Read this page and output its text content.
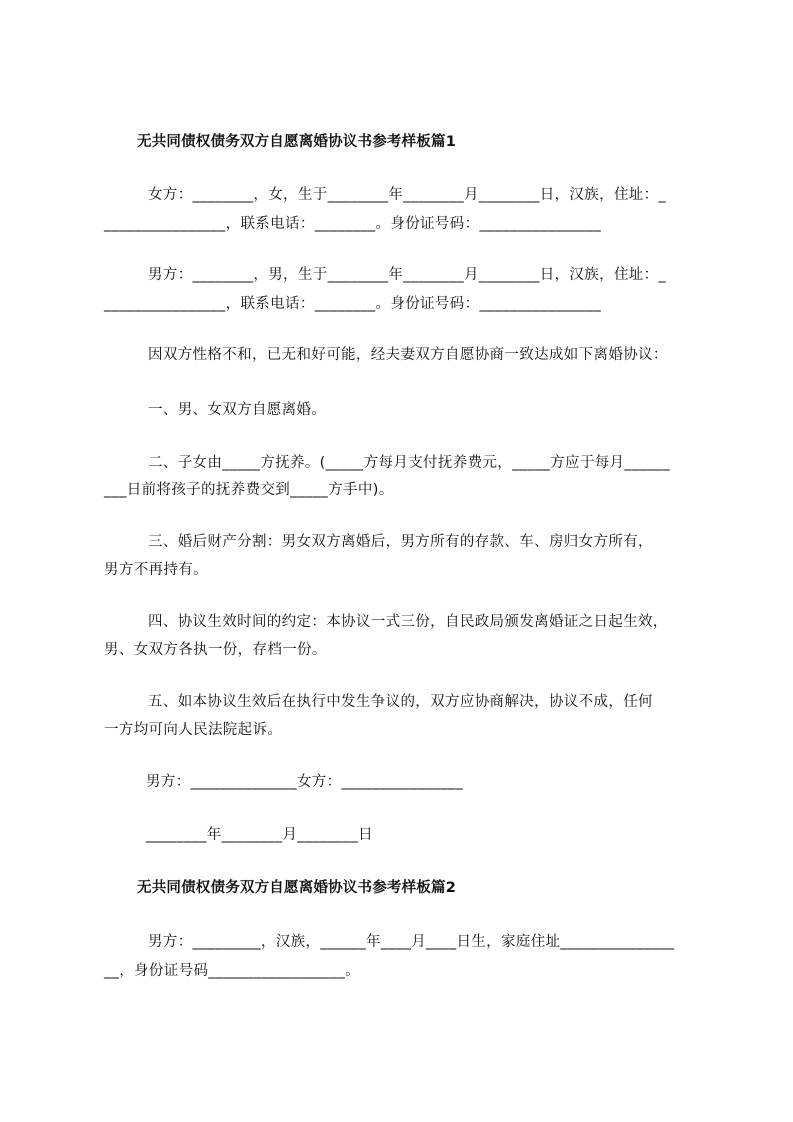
无共同债权债务双方自愿离婚协议书参考样板篇1
女方：________，女，生于________年________月________日，汉族，住址：_
________________，联系电话：________。身份证号码：________________
男方：________，男，生于________年________月________日，汉族，住址：_
________________，联系电话：________。身份证号码：________________
因双方性格不和，已无和好可能，经夫妻双方自愿协商一致达成如下离婚协议：
一、男、女双方自愿离婚。
二、子女由_____方抚养。(_____方每月支付抚养费元，_____方应于每月______
___日前将孩子的抚养费交到_____方手中)。
三、婚后财产分割：男女双方离婚后，男方所有的存款、车、房归女方所有，
男方不再持有。
四、协议生效时间的约定：本协议一式三份，自民政局颁发离婚证之日起生效，
男、女双方各执一份，存档一份。
五、如本协议生效后在执行中发生争议的，双方应协商解决，协议不成，任何
一方均可向人民法院起诉。
男方：______________女方：________________
________年________月________日
无共同债权债务双方自愿离婚协议书参考样板篇2
男方：_________，汉族，______年____月____日生，家庭住址_______________
__，身份证号码__________________。
